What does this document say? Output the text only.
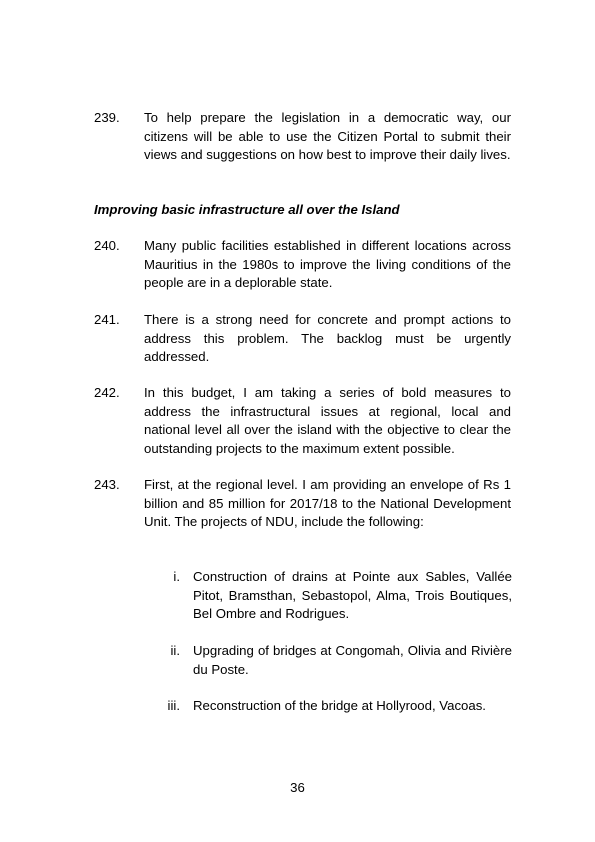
239. To help prepare the legislation in a democratic way, our citizens will be able to use the Citizen Portal to submit their views and suggestions on how best to improve their daily lives.
Improving basic infrastructure all over the Island
240. Many public facilities established in different locations across Mauritius in the 1980s to improve the living conditions of the people are in a deplorable state.
241. There is a strong need for concrete and prompt actions to address this problem. The backlog must be urgently addressed.
242. In this budget, I am taking a series of bold measures to address the infrastructural issues at regional, local and national level all over the island with the objective to clear the outstanding projects to the maximum extent possible.
243. First, at the regional level. I am providing an envelope of Rs 1 billion and 85 million for 2017/18 to the National Development Unit. The projects of NDU, include the following:
i. Construction of drains at Pointe aux Sables, Vallée Pitot, Bramsthan, Sebastopol, Alma, Trois Boutiques, Bel Ombre and Rodrigues.
ii. Upgrading of bridges at Congomah, Olivia and Rivière du Poste.
iii. Reconstruction of the bridge at Hollyrood, Vacoas.
36
